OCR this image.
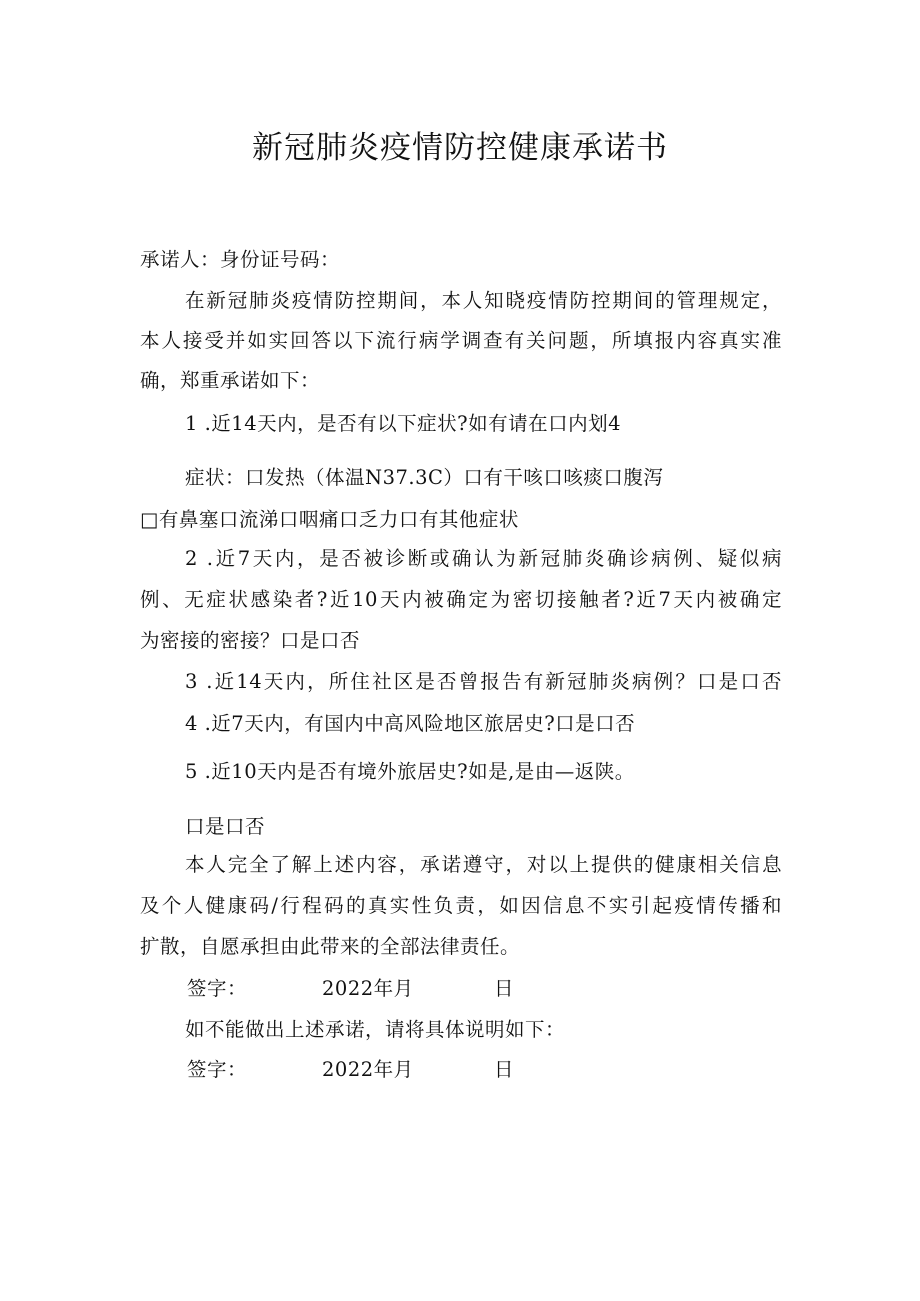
新冠肺炎疫情防控健康承诺书
承诺人：身份证号码：
在新冠肺炎疫情防控期间，本人知晓疫情防控期间的管理规定，
本人接受并如实回答以下流行病学调查有关问题，所填报内容真实准
确，郑重承诺如下：
1 .近14天内，是否有以下症状?如有请在口内划4
症状：口发热（体温N37.3C）口有干咳口咳痰口腹泻
□有鼻塞口流涕口咽痛口乏力口有其他症状
2 .近7天内，是否被诊断或确认为新冠肺炎确诊病例、疑似病
例、无症状感染者?近10天内被确定为密切接触者?近7天内被确定
为密接的密接？口是口否
3 .近14天内，所住社区是否曾报告有新冠肺炎病例？口是口否
4 .近7天内，有国内中高风险地区旅居史?口是口否
5 .近10天内是否有境外旅居史?如是,是由—返陕。
口是口否
本人完全了解上述内容，承诺遵守，对以上提供的健康相关信息
及个人健康码/行程码的真实性负责，如因信息不实引起疫情传播和
扩散，自愿承担由此带来的全部法律责任。
签字：	2022年月	日
如不能做出上述承诺，请将具体说明如下：
签字：	2022年月	日
